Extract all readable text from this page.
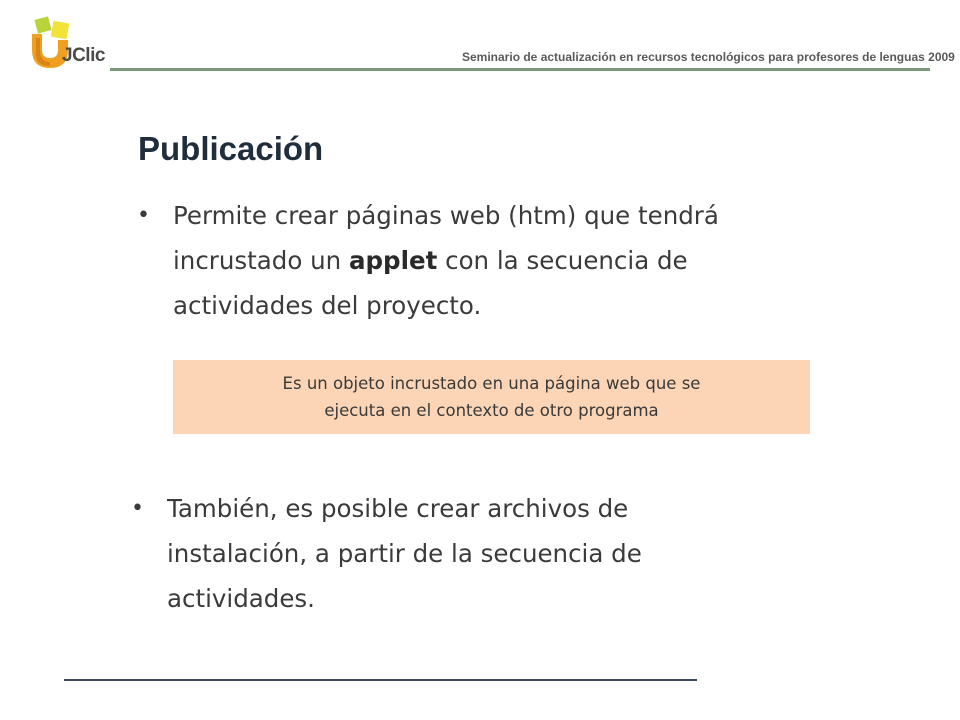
JClic	Seminario de actualización en recursos tecnológicos para profesores de lenguas 2009
Publicación
• Permite crear páginas web (htm) que tendrá
incrustado un applet con la secuencia de
actividades del proyecto.
Es un objeto incrustado en una página web que se
ejecuta en el contexto de otro programa
• También, es posible crear archivos de
instalación, a partir de la secuencia de
actividades.
